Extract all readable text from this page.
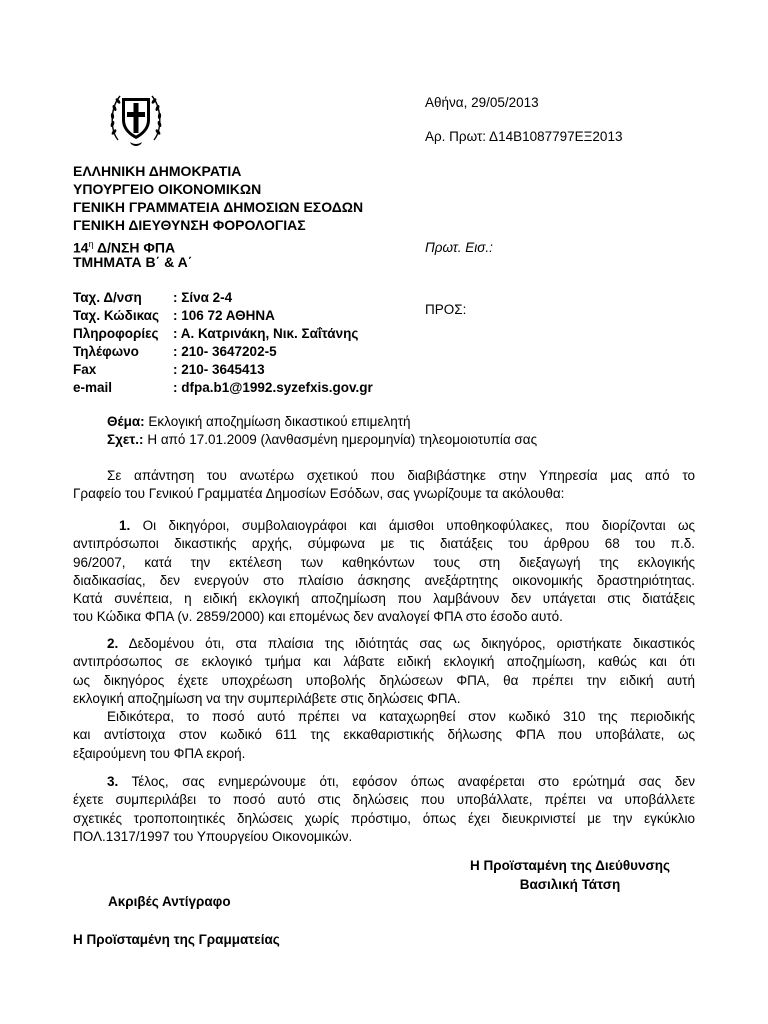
ΕΛΛΗΝΙΚΗ ΔΗΜΟΚΡΑΤΙΑ
ΥΠΟΥΡΓΕΙΟ ΟΙΚΟΝΟΜΙΚΩΝ
ΓΕΝΙΚΗ ΓΡΑΜΜΑΤΕΙΑ ΔΗΜΟΣΙΩΝ ΕΣΟΔΩΝ
ΓΕΝΙΚΗ ΔΙΕΥΘΥΝΣΗ ΦΟΡΟΛΟΓΙΑΣ
$14^\eta$ Δ/ΝΣΗ ΦΠΑ
ΤΜΗΜΑΤΑ Β΄ & Α΄
Αθήνα, 29/05/2013
Αρ. Πρωτ: Δ14Β1087797ΕΞ2013
Πρωτ. Εισ.:
ΠΡΟΣ:
Ταχ. Δ/νση : Σίνα 2-4
Ταχ. Κώδικας : 106 72 ΑΘΗΝΑ
Πληροφορίες : Α. Κατρινάκη, Νικ. Σαΐτάνης
Τηλέφωνο	: 210- 3647202-5
Fax	: 210- 3645413
e-mail	: dfpa.b1@1992.syzefxis.gov.gr
Θέμα: Εκλογική αποζημίωση δικαστικού επιμελητή
Σχετ.: Η από 17.01.2009 (λανθασμένη ημερομηνία) τηλεομοιοτυπία σας
Σε απάντηση του ανωτέρω σχετικού που διαβιβάστηκε στην Υπηρεσία μας από το
Γραφείο του Γενικού Γραμματέα Δημοσίων Εσόδων, σας γνωρίζουμε τα ακόλουθα:
1. Οι δικηγόροι, συμβολαιογράφοι και άμισθοι υποθηκοφύλακες, που διορίζονται ως
αντιπρόσωποι δικαστικής αρχής, σύμφωνα με τις διατάξεις του άρθρου 68 του π.δ.
96/2007, κατά την εκτέλεση των καθηκόντων τους στη διεξαγωγή της εκλογικής
διαδικασίας, δεν ενεργούν στο πλαίσιο άσκησης ανεξάρτητης οικονομικής δραστηριότητας.
Κατά συνέπεια, η ειδική εκλογική αποζημίωση που λαμβάνουν δεν υπάγεται στις διατάξεις
του Κώδικα ΦΠΑ (ν. 2859/2000) και επομένως δεν αναλογεί ΦΠΑ στο έσοδο αυτό.
2. Δεδομένου ότι, στα πλαίσια της ιδιότητάς σας ως δικηγόρος, οριστήκατε δικαστικός
αντιπρόσωπος σε εκλογικό τμήμα και λάβατε ειδική εκλογική αποζημίωση, καθώς και ότι
ως δικηγόρος έχετε υποχρέωση υποβολής δηλώσεων ΦΠΑ, θα πρέπει την ειδική αυτή
εκλογική αποζημίωση να την συμπεριλάβετε στις δηλώσεις ΦΠΑ.
Ειδικότερα, το ποσό αυτό πρέπει να καταχωρηθεί στον κωδικό 310 της περιοδικής
και αντίστοιχα στον κωδικό 611 της εκκαθαριστικής δήλωσης ΦΠΑ που υποβάλατε, ως
εξαιρούμενη του ΦΠΑ εκροή.
3. Τέλος, σας ενημερώνουμε ότι, εφόσον όπως αναφέρεται στο ερώτημά σας δεν
έχετε συμπεριλάβει το ποσό αυτό στις δηλώσεις που υποβάλλατε, πρέπει να υποβάλλετε
σχετικές τροποποιητικές δηλώσεις χωρίς πρόστιμο, όπως έχει διευκρινιστεί με την εγκύκλιο
ΠΟΛ.1317/1997 του Υπουργείου Οικονομικών.
Η Προϊσταμένη της Διεύθυνσης
Βασιλική Τάτση
Ακριβές Αντίγραφο
Η Προϊσταμένη της Γραμματείας
